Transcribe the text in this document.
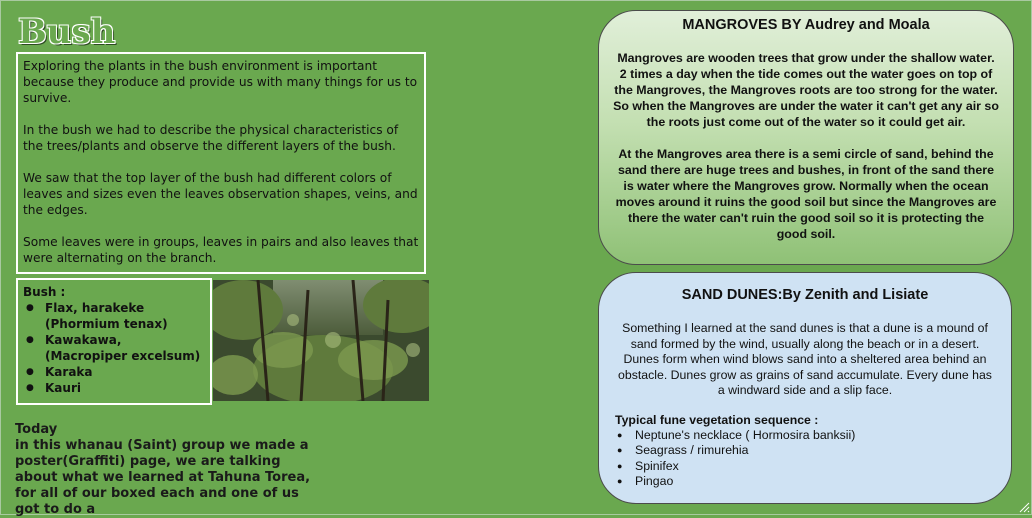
Bush

Exploring the plants in the bush environment is important because they produce and provide us with many things for us to survive.

In the bush we had to describe the physical characteristics of the trees/plants and observe the different layers of the bush.

We saw that the top layer of the bush had different colors of leaves and sizes even the leaves observation shapes, veins, and the edges.

Some leaves were in groups, leaves in pairs and also leaves that were alternating on the branch.

Bush :
● Flax, harakeke (Phormium tenax)
● Kawakawa, (Macropiper excelsum)
● Karaka
● Kauri
Today
in this whanau (Saint) group we made a poster(Graffiti) page, we are talking about what we learned at Tahuna Torea, for all of our boxed each and one of us got to do a
MANGROVES BY Audrey and Moala

Mangroves are wooden trees that grow under the shallow water. 2 times a day when the tide comes out the water goes on top of the Mangroves, the Mangroves roots are too strong for the water. So when the Mangroves are under the water it can't get any air so the roots just come out of the water so it could get air.

At the Mangroves area there is a semi circle of sand, behind the sand there are huge trees and bushes, in front of the sand there is water where the Mangroves grow. Normally when the ocean moves around it ruins the good soil but since the Mangroves are there the water can't ruin the good soil so it is protecting the good soil.

SAND DUNES:By Zenith and Lisiate
Something I learned at the sand dunes is that a dune is a mound of sand formed by the wind, usually along the beach or in a desert. Dunes form when wind blows sand into a sheltered area behind an obstacle. Dunes grow as grains of sand accumulate. Every dune has a windward side and a slip face.
Typical fune vegetation sequence :
● Neptune's necklace ( Hormosira banksii)
● Seagrass / rimurehia
● Spinifex
● Pingao
